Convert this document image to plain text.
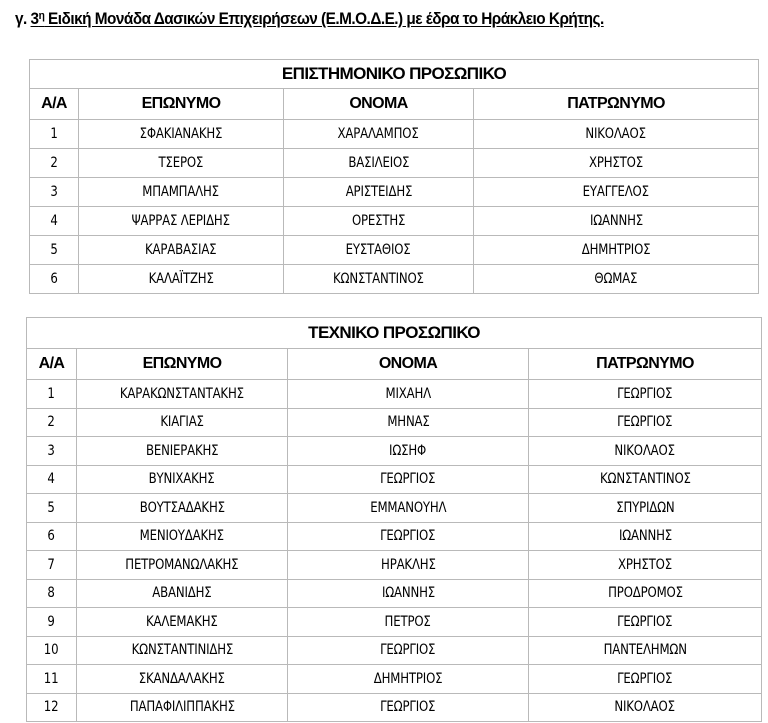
γ. $3^\eta$ Ειδική Μονάδα Δασικών Επιχειρήσεων (Ε.Μ.Ο.Δ.Ε.) με έδρα το Ηράκλειο Κρήτης.
ΕΠΙΣΤΗΜΟΝΙΚΟ ΠΡΟΣΩΠΙΚΟ			
Α/Α	ΕΠΩΝΥΜΟ	ΟΝΟΜΑ	ΠΑΤΡΩΝΥΜΟ
1	ΣΦΑΚΙΑΝΑΚΗΣ	ΧΑΡΑΛΑΜΠΟΣ	ΝΙΚΟΛΑΟΣ
2	ΤΣΕΡΟΣ	ΒΑΣΙΛΕΙΟΣ	ΧΡΗΣΤΟΣ
3	ΜΠΑΜΠΑΛΗΣ	ΑΡΙΣΤΕΙΔΗΣ	ΕΥΑΓΓΕΛΟΣ
4	ΨΑΡΡΑΣ ΛΕΡΙΔΗΣ	ΟΡΕΣΤΗΣ	ΙΩΑΝΝΗΣ
5	ΚΑΡΑΒΑΣΙΑΣ	ΕΥΣΤΑΘΙΟΣ	ΔΗΜΗΤΡΙΟΣ
6	ΚΑΛΑΪΤΖΗΣ	ΚΩΝΣΤΑΝΤΙΝΟΣ	ΘΩΜΑΣ
ΤΕΧΝΙΚΟ ΠΡΟΣΩΠΙΚΟ			
Α/Α	ΕΠΩΝΥΜΟ	ΟΝΟΜΑ	ΠΑΤΡΩΝΥΜΟ
1	ΚΑΡΑΚΩΝΣΤΑΝΤΑΚΗΣ	ΜΙΧΑΗΛ	ΓΕΩΡΓΙΟΣ
2	ΚΙΑΓΙΑΣ	ΜΗΝΑΣ	ΓΕΩΡΓΙΟΣ
3	ΒΕΝΙΕΡΑΚΗΣ	ΙΩΣΗΦ	ΝΙΚΟΛΑΟΣ
4	ΒΥΝΙΧΑΚΗΣ	ΓΕΩΡΓΙΟΣ	ΚΩΝΣΤΑΝΤΙΝΟΣ
5	ΒΟΥΤΣΑΔΑΚΗΣ	ΕΜΜΑΝΟΥΗΛ	ΣΠΥΡΙΔΩΝ
6	ΜΕΝΙΟΥΔΑΚΗΣ	ΓΕΩΡΓΙΟΣ	ΙΩΑΝΝΗΣ
7	ΠΕΤΡΟΜΑΝΩΛΑΚΗΣ	ΗΡΑΚΛΗΣ	ΧΡΗΣΤΟΣ
8	ΑΒΑΝΙΔΗΣ	ΙΩΑΝΝΗΣ	ΠΡΟΔΡΟΜΟΣ
9	ΚΑΛΕΜΑΚΗΣ	ΠΕΤΡΟΣ	ΓΕΩΡΓΙΟΣ
10	ΚΩΝΣΤΑΝΤΙΝΙΔΗΣ	ΓΕΩΡΓΙΟΣ	ΠΑΝΤΕΛΗΜΩΝ
11	ΣΚΑΝΔΑΛΑΚΗΣ	ΔΗΜΗΤΡΙΟΣ	ΓΕΩΡΓΙΟΣ
12	ΠΑΠΑΦΙΛΙΠΠΑΚΗΣ	ΓΕΩΡΓΙΟΣ	ΝΙΚΟΛΑΟΣ
